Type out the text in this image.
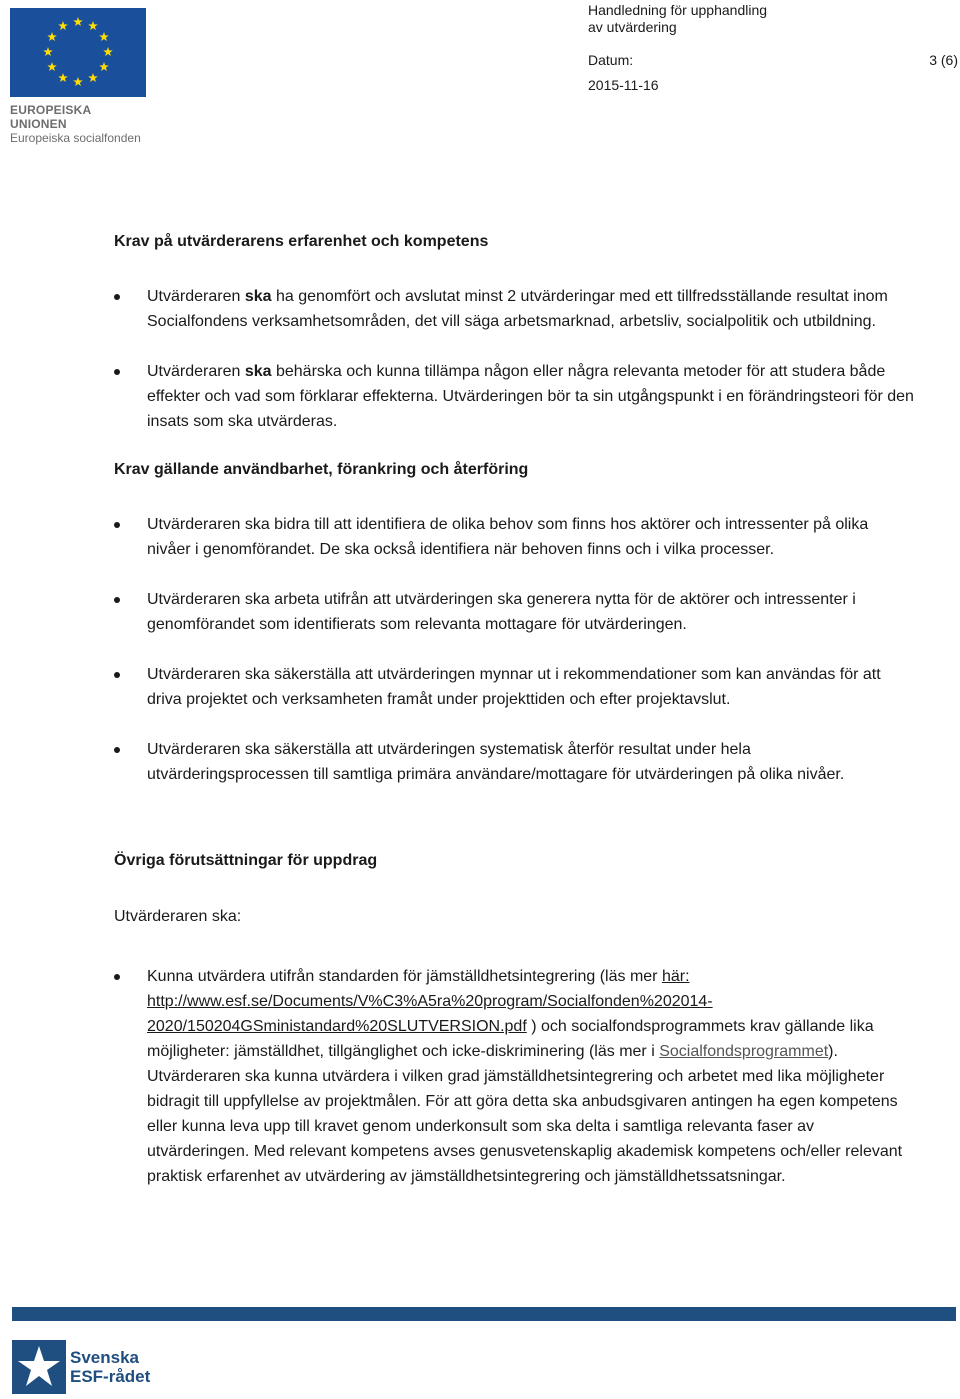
EUROPEISKA UNIONEN
Europeiska socialfonden
Handledning för upphandling
av utvärdering
Datum:	3 (6)
2015-11-16
Krav på utvärderarens erfarenhet och kompetens
Utvärderaren ska ha genomfört och avslutat minst 2 utvärderingar med ett tillfredsställande resultat inom Socialfondens verksamhetsområden, det vill säga arbetsmarknad, arbetsliv, socialpolitik och utbildning.
Utvärderaren ska behärska och kunna tillämpa någon eller några relevanta metoder för att studera både effekter och vad som förklarar effekterna. Utvärderingen bör ta sin utgångspunkt i en förändringsteori för den insats som ska utvärderas.
Krav gällande användbarhet, förankring och återföring
Utvärderaren ska bidra till att identifiera de olika behov som finns hos aktörer och intressenter på olika nivåer i genomförandet. De ska också identifiera när behoven finns och i vilka processer.
Utvärderaren ska arbeta utifrån att utvärderingen ska generera nytta för de aktörer och intressenter i genomförandet som identifierats som relevanta mottagare för utvärderingen.
Utvärderaren ska säkerställa att utvärderingen mynnar ut i rekommendationer som kan användas för att driva projektet och verksamheten framåt under projekttiden och efter projektavslut.
Utvärderaren ska säkerställa att utvärderingen systematisk återför resultat under hela utvärderingsprocessen till samtliga primära användare/mottagare för utvärderingen på olika nivåer.
Övriga förutsättningar för uppdrag
Utvärderaren ska:
Kunna utvärdera utifrån standarden för jämställdhetsintegrering (läs mer här: http://www.esf.se/Documents/V%C3%A5ra%20program/Socialfonden%202014-2020/150204GSministandard%20SLUTVERSION.pdf ) och socialfondsprogrammets krav gällande lika möjligheter: jämställdhet, tillgänglighet och icke-diskriminering (läs mer i Socialfondsprogrammet). Utvärderaren ska kunna utvärdera i vilken grad jämställdhetsintegrering och arbetet med lika möjligheter bidragit till uppfyllelse av projektmålen. För att göra detta ska anbudsgivaren antingen ha egen kompetens eller kunna leva upp till kravet genom underkonsult som ska delta i samtliga relevanta faser av utvärderingen. Med relevant kompetens avses genusvetenskaplig akademisk kompetens och/eller relevant praktisk erfarenhet av utvärdering av jämställdhetsintegrering och jämställdhetssatsningar.
Svenska
ESF-rådet
